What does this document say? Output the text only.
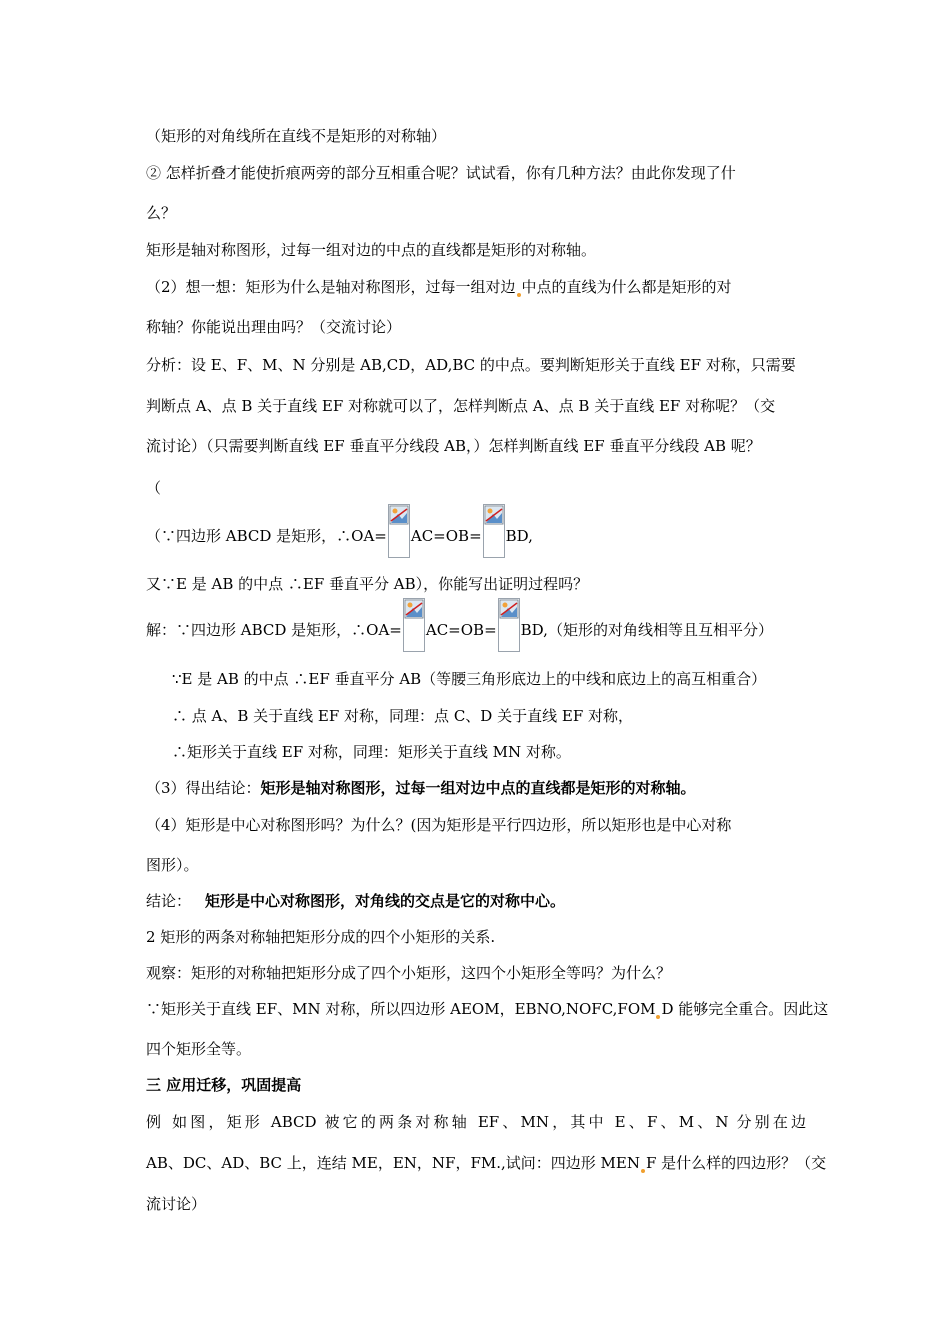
（矩形的对角线所在直线不是矩形的对称轴）
② 怎样折叠才能使折痕两旁的部分互相重合呢？试试看，你有几种方法？由此你发现了什
么？
矩形是轴对称图形，过每一组对边的中点的直线都是矩形的对称轴。
（2）想一想：矩形为什么是轴对称图形，过每一组对边 中点的直线为什么都是矩形的对
称轴？你能说出理由吗？（交流讨论）
分析：设 E、F、M、N 分别是 AB,CD，AD,BC 的中点。要判断矩形关于直线 EF 对称，只需要
判断点 A、点 B 关于直线 EF 对称就可以了，怎样判断点 A、点 B 关于直线 EF 对称呢？（交
流讨论）（只需要判断直线 EF 垂直平分线段 AB，）怎样判断直线 EF 垂直平分线段 AB 呢？
（
（∵四边形 ABCD 是矩形，∴OA= AC=OB= BD,
又∵E 是 AB 的中点 ∴EF 垂直平分 AB），你能写出证明过程吗？
解：∵四边形 ABCD 是矩形，∴OA= AC=OB= BD,（矩形的对角线相等且互相平分）
∵E 是 AB 的中点 ∴EF 垂直平分 AB（等腰三角形底边上的中线和底边上的高互相重合）
∴ 点 A、B 关于直线 EF 对称，同理：点 C、D 关于直线 EF 对称，
∴矩形关于直线 EF 对称，同理：矩形关于直线 MN 对称。
（3）得出结论：矩形是轴对称图形，过每一组对边中点的直线都是矩形的对称轴。
（4）矩形是中心对称图形吗？为什么？(因为矩形是平行四边形，所以矩形也是中心对称
图形）。
结论： 矩形是中心对称图形，对角线的交点是它的对称中心。
2 矩形的两条对称轴把矩形分成的四个小矩形的关系.
观察：矩形的对称轴把矩形分成了四个小矩形，这四个小矩形全等吗？为什么？
∵矩形关于直线 EF、MN 对称，所以四边形 AEOM，EBNO,NOFC,FOM D 能够完全重合。因此这
四个矩形全等。
三 应用迁移，巩固提高
例 如图，矩形 ABCD 被它的两条对称轴 EF、MN，其中 E、F、M、N 分别在边
AB、DC、AD、BC 上，连结 ME，EN，NF，FM.,试问：四边形 MEN F 是什么样的四边形？（交
流讨论）
